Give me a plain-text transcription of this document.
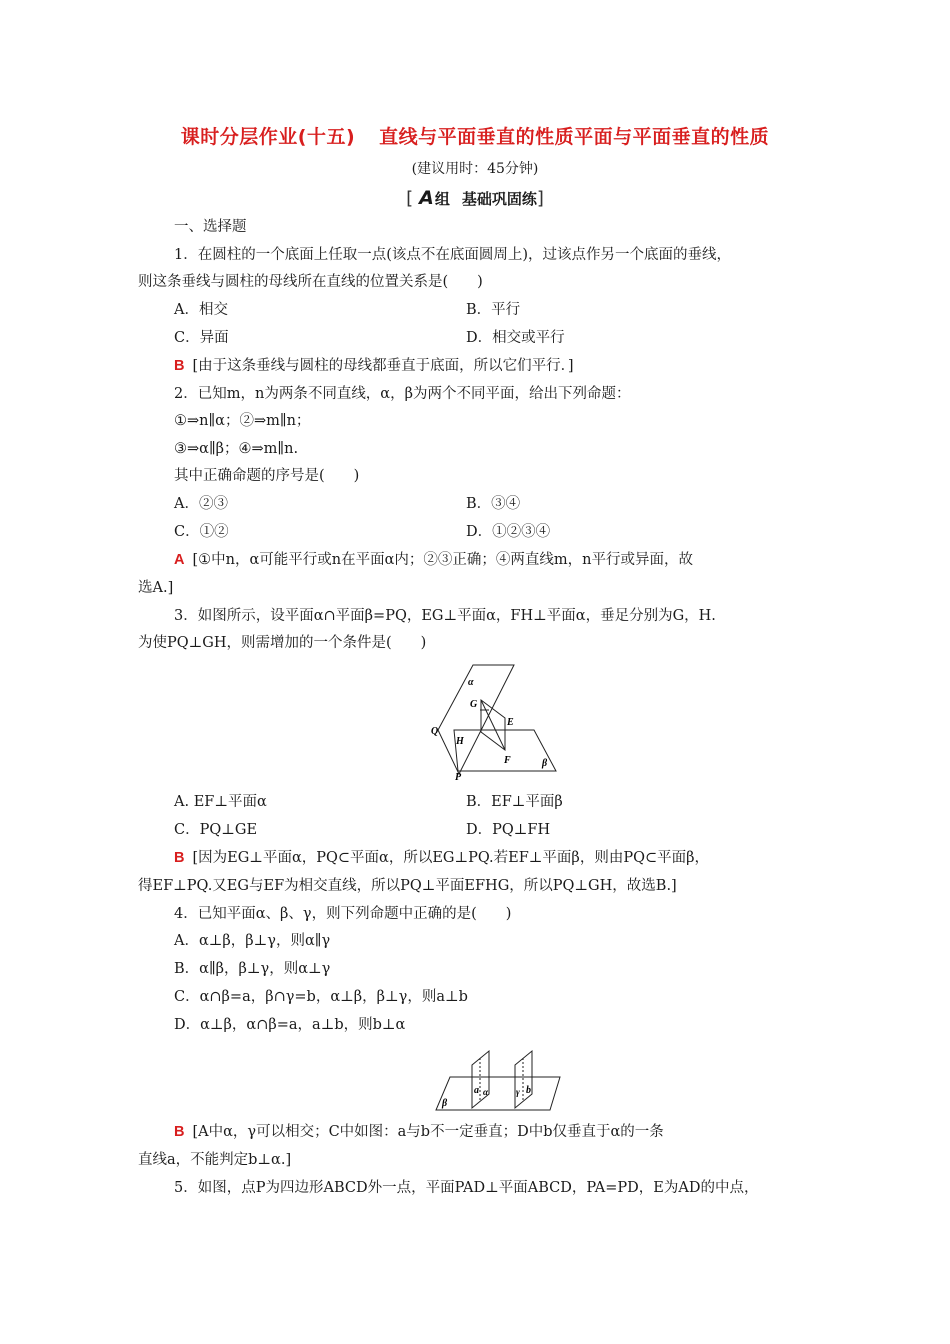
课时分层作业(十五) 直线与平面垂直的性质平面与平面垂直的性质
(建议用时：45分钟)
[ A 组 基础巩固练]
一、选择题
1．在圆柱的一个底面上任取一点(该点不在底面圆周上)，过该点作另一个底面的垂线，
则这条垂线与圆柱的母线所在直线的位置关系是(　　)
A．相交	B．平行
C．异面	D．相交或平行
B [由于这条垂线与圆柱的母线都垂直于底面，所以它们平行．]
2．已知m，n为两条不同直线，α，β为两个不同平面，给出下列命题：
①⇒n∥α；②⇒m∥n；
③⇒α∥β；④⇒m∥n.
其中正确命题的序号是(　　)
A．②③	B．③④
C．①②	D．①②③④
A [①中n，α可能平行或n在平面α内；②③正确；④两直线m，n平行或异面，故
选A.]
3．如图所示，设平面α∩平面β=PQ，EG⊥平面α，FH⊥平面α，垂足分别为G，H.
为使PQ⊥GH，则需增加的一个条件是(　　)
α
G
E
Q
H
F	β
P
A. EF⊥平面α	B．EF⊥平面β
C．PQ⊥GE	D．PQ⊥FH
B [因为EG⊥平面α，PQ⊂平面α，所以EG⊥PQ.若EF⊥平面β，则由PQ⊂平面β，
得EF⊥PQ.又EG与EF为相交直线，所以PQ⊥平面EFHG，所以PQ⊥GH，故选B.]
4．已知平面α、β、γ，则下列命题中正确的是(　　)
A．α⊥β，β⊥γ，则α∥γ
B．α∥β，β⊥γ，则α⊥γ
C．α∩β=a，β∩γ=b，α⊥β，β⊥γ，则a⊥b
D．α⊥β，α∩β=a，a⊥b，则b⊥α
β
a α	γ b
B [A中α，γ可以相交；C中如图：a与b不一定垂直；D中b仅垂直于α的一条
直线a，不能判定b⊥α.]
5．如图，点P为四边形ABCD外一点，平面PAD⊥平面ABCD，PA=PD，E为AD的中点，
